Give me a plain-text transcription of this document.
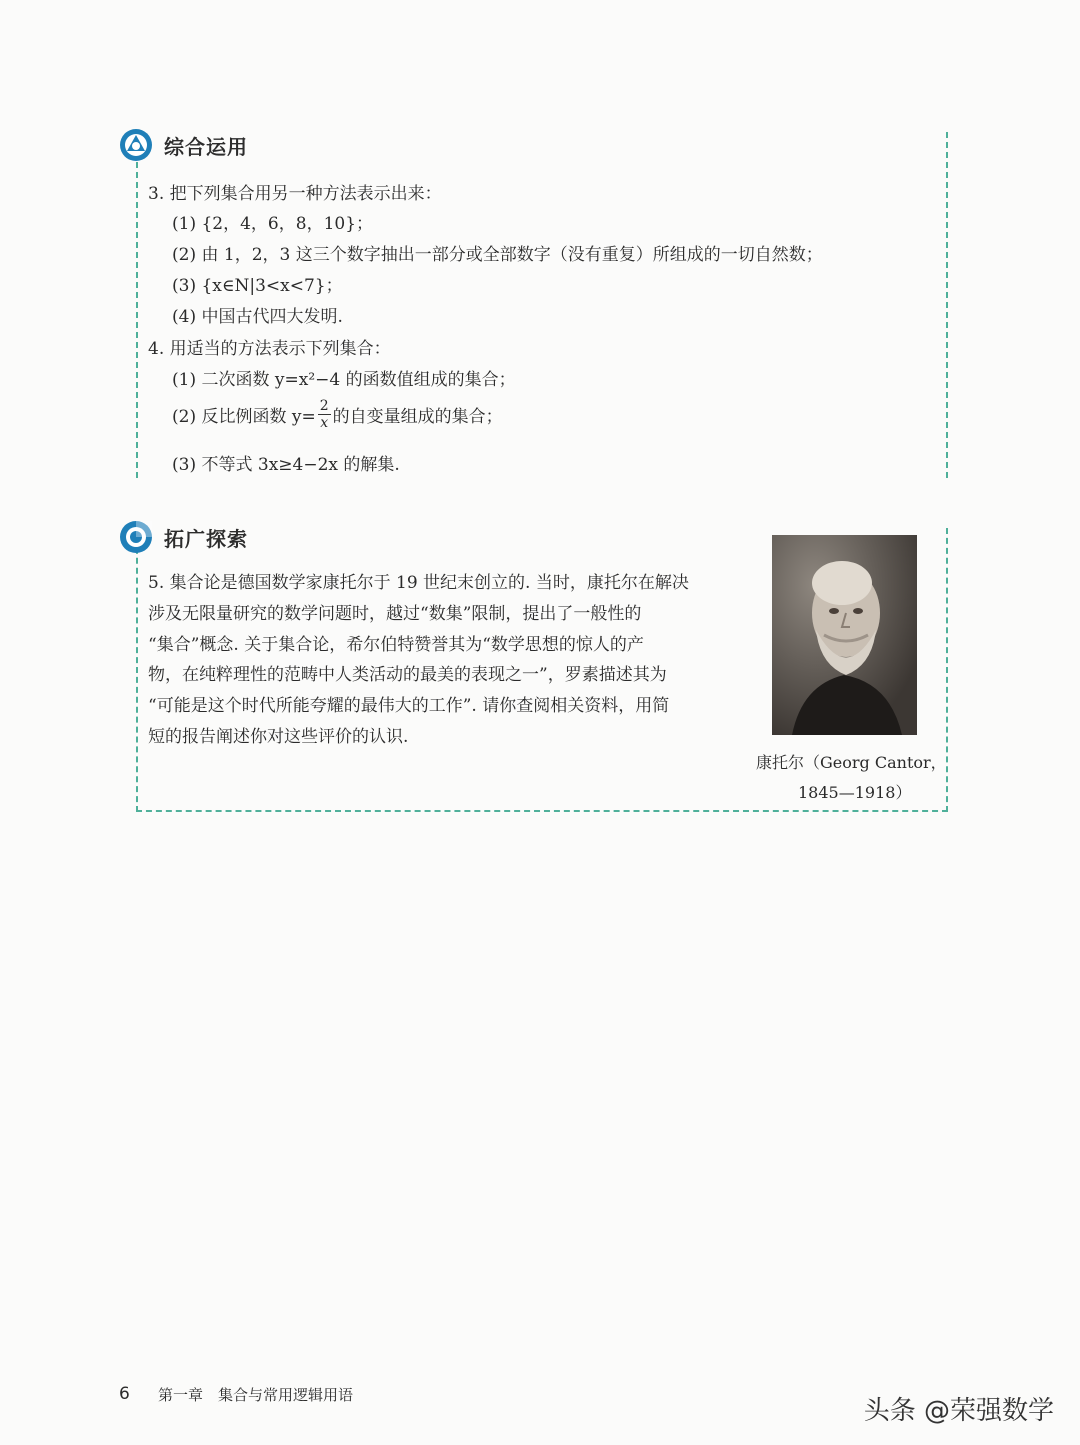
综合运用
3. 把下列集合用另一种方法表示出来：
(1) {2，4，6，8，10}；
(2) 由 1，2，3 这三个数字抽出一部分或全部数字（没有重复）所组成的一切自然数；
(3) {x∈N|3<x<7}；
(4) 中国古代四大发明.
4. 用适当的方法表示下列集合：
(1) 二次函数 y=x²−4 的函数值组成的集合；
(2) 反比例函数 $y= \frac{2}{x}$ 的自变量组成的集合；
(3) 不等式 3x≥4−2x 的解集.
拓广探索

5. 集合论是德国数学家康托尔于 19 世纪末创立的. 当时，康托尔在解决

涉及无限量研究的数学问题时，越过“数集”限制，提出了一般性的

“集合”概念. 关于集合论，希尔伯特赞誉其为“数学思想的惊人的产

物，在纯粹理性的范畴中人类活动的最美的表现之一”，罗素描述其为

“可能是这个时代所能夸耀的最伟大的工作”. 请你查阅相关资料，用简

短的报告阐述你对这些评价的认识.

康托尔（Georg Cantor，
1845—1918）
6 第一章　集合与常用逻辑用语
头条 @荣强数学
